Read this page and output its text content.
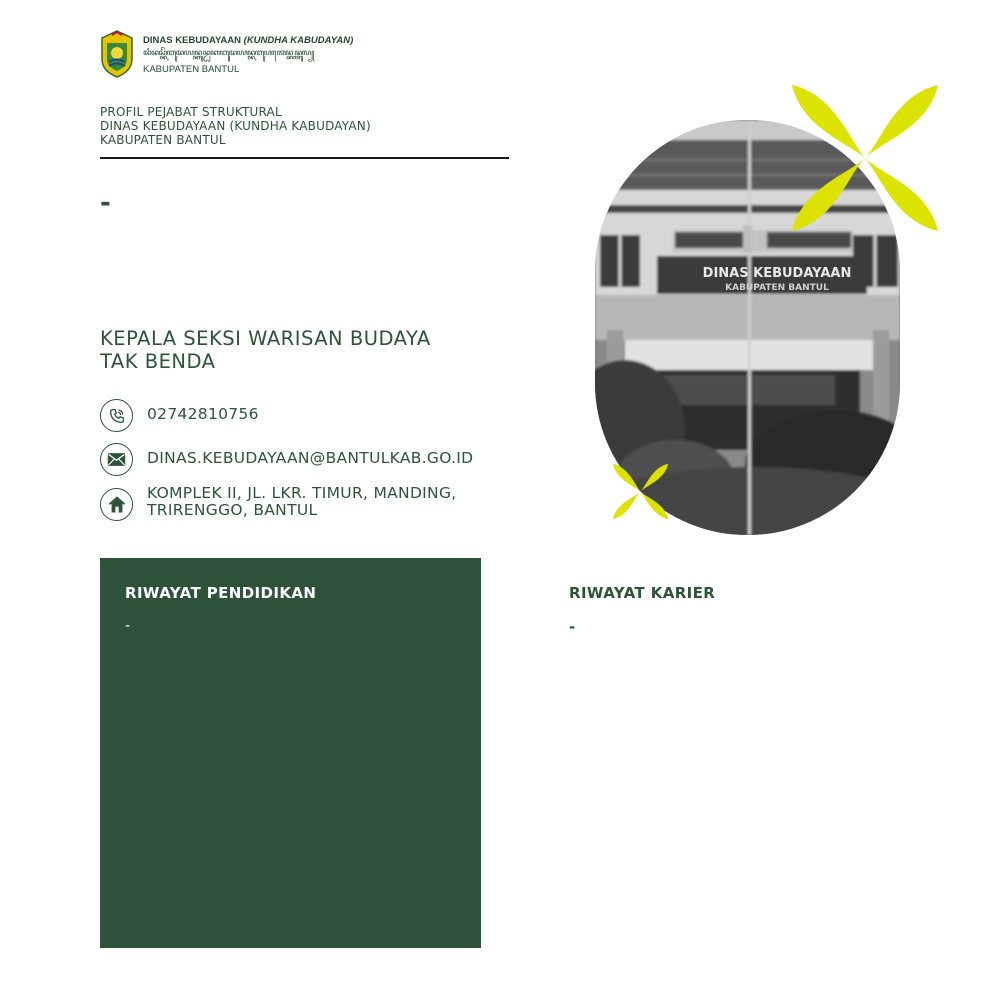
DINAS KEBUDAYAAN (KUNDHA KABUDAYAN)
ꦢꦶꦤꦱ꧀ꦏꦼꦧꦸꦢꦪꦤ꧀ꦏꦸꦤ꧀ꦝꦏꦧꦸꦢꦪꦤ꧀ꦏꦧꦸꦥꦠꦺꦤ꧀ꦧꦤ꧀ꦠꦸꦭ꧀
KABUPATEN BANTUL
PROFIL PEJABAT STRUKTURAL
DINAS KEBUDAYAAN (KUNDHA KABUDAYAN)
KABUPATEN BANTUL
-
KEPALA SEKSI WARISAN BUDAYA TAK BENDA
02742810756
DINAS.KEBUDAYAAN@BANTULKAB.GO.ID
KOMPLEK II, JL. LKR. TIMUR, MANDING, TRIRENGGO, BANTUL
DINAS KEBUDAYAAN
KABUPATEN BANTUL
RIWAYAT PENDIDIKAN
-
RIWAYAT KARIER
-
